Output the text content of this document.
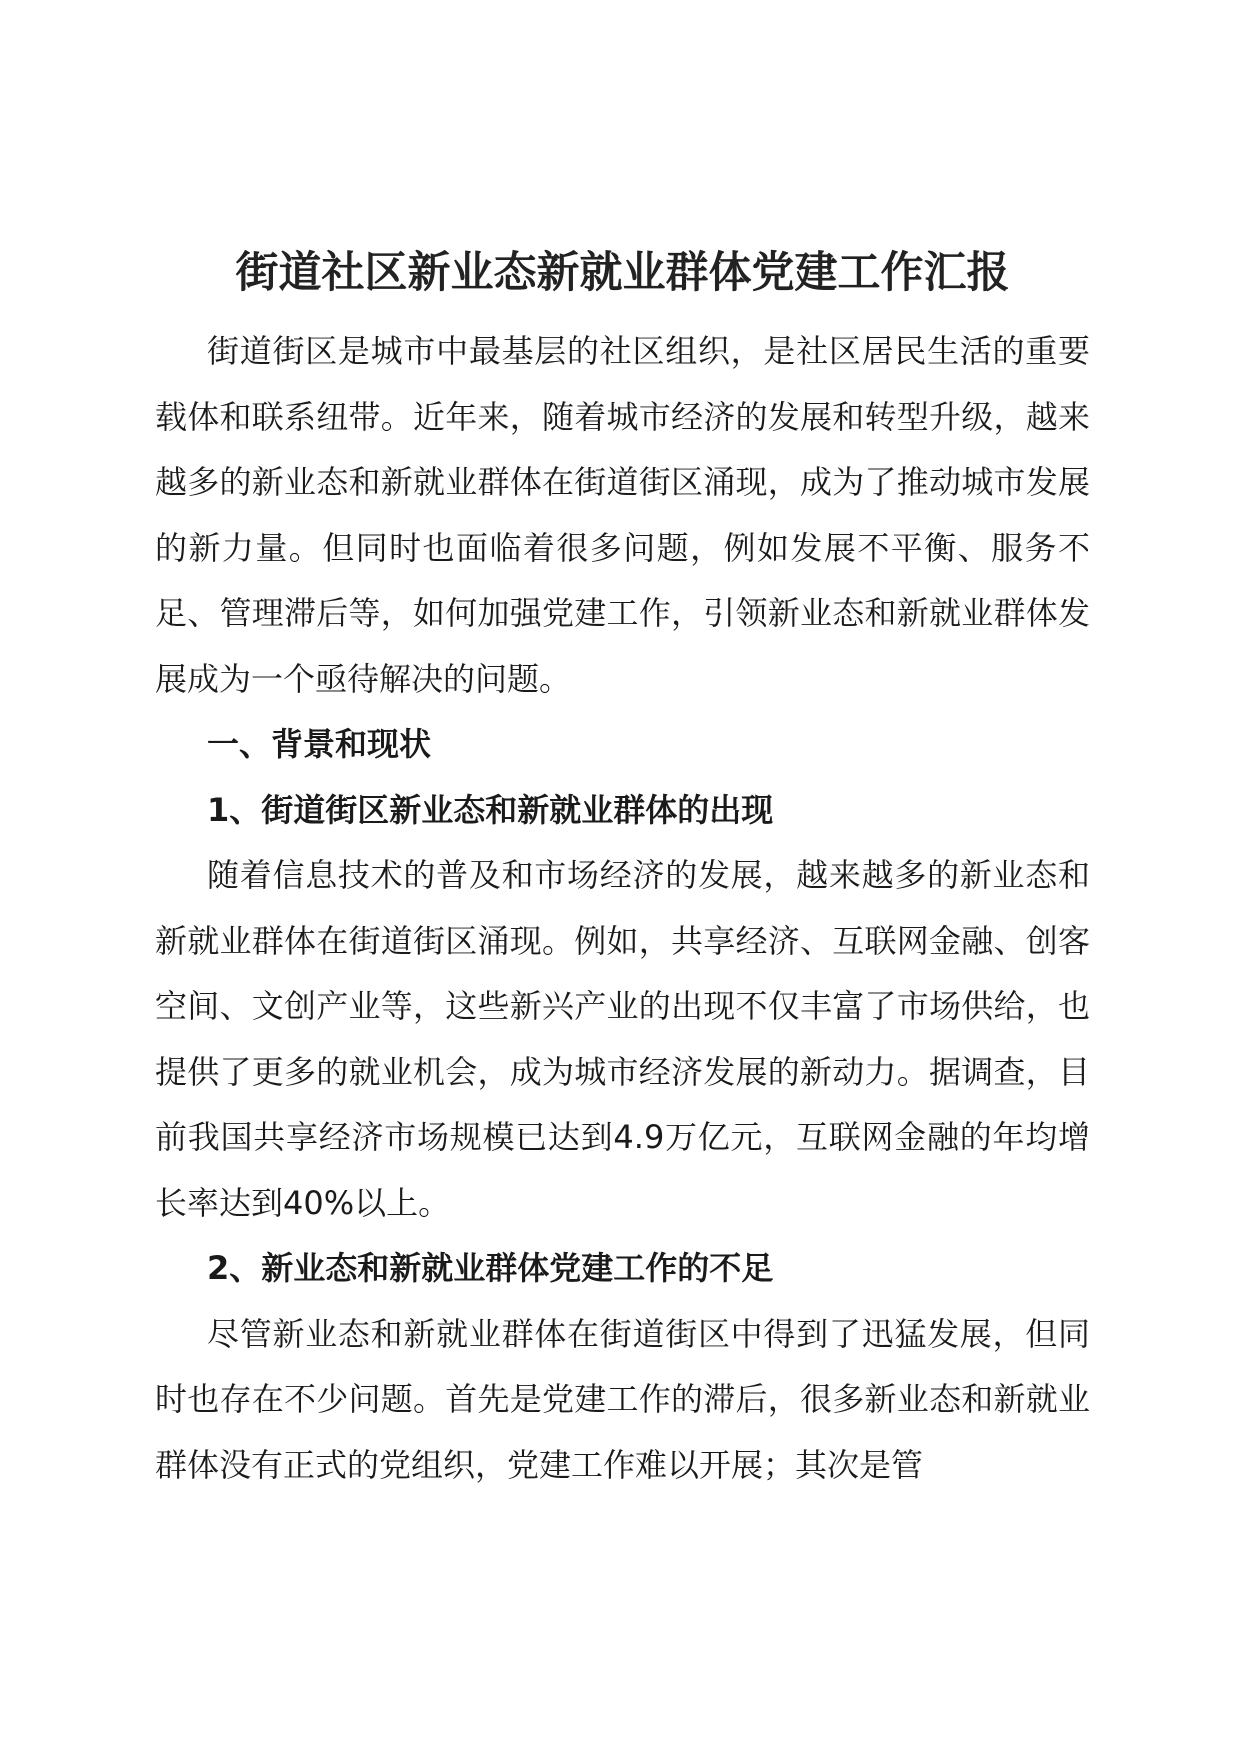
街道社区新业态新就业群体党建工作汇报

街道街区是城市中最基层的社区组织，是社区居民生活的重要载体和联系纽带。近年来，随着城市经济的发展和转型升级，越来越多的新业态和新就业群体在街道街区涌现，成为了推动城市发展的新力量。但同时也面临着很多问题，例如发展不平衡、服务不足、管理滞后等，如何加强党建工作，引领新业态和新就业群体发展成为一个亟待解决的问题。

一、背景和现状

1、街道街区新业态和新就业群体的出现

随着信息技术的普及和市场经济的发展，越来越多的新业态和新就业群体在街道街区涌现。例如，共享经济、互联网金融、创客空间、文创产业等，这些新兴产业的出现不仅丰富了市场供给，也提供了更多的就业机会，成为城市经济发展的新动力。据调查，目前我国共享经济市场规模已达到4.9万亿元，互联网金融的年均增长率达到40%以上。

2、新业态和新就业群体党建工作的不足

尽管新业态和新就业群体在街道街区中得到了迅猛发展，但同时也存在不少问题。首先是党建工作的滞后，很多新业态和新就业群体没有正式的党组织，党建工作难以开展；其次是管
